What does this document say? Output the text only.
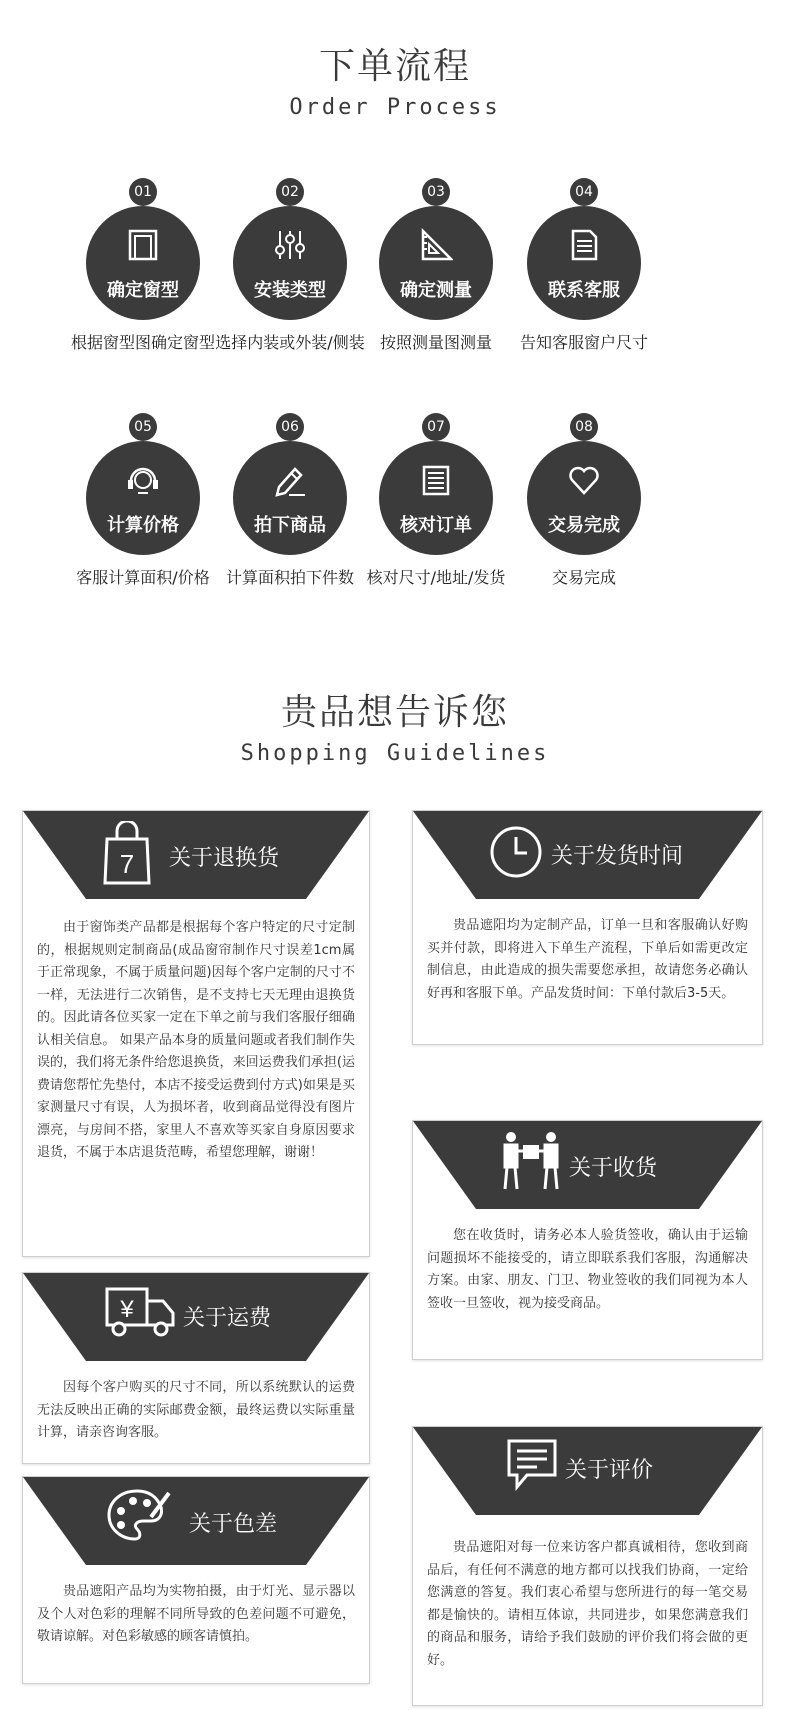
下单流程
Order Process
01
确定窗型
根据窗型图确定窗型
02
安装类型
选择内装或外装/侧装
03
确定测量
按照测量图测量
04
联系客服
告知客服窗户尺寸
05
计算价格
客服计算面积/价格
06
拍下商品
计算面积拍下件数
07
核对订单
核对尺寸/地址/发货
08
交易完成
交易完成
贵品想告诉您
Shopping Guidelines
7 关于退换货
由于窗饰类产品都是根据每个客户特定的尺寸定制的，根据规则定制商品(成品窗帘制作尺寸误差1cm属于正常现象，不属于质量问题)因每个客户定制的尺寸不一样，无法进行二次销售，是不支持七天无理由退换货的。因此请各位买家一定在下单之前与我们客服仔细确认相关信息。 如果产品本身的质量问题或者我们制作失误的，我们将无条件给您退换货，来回运费我们承担(运费请您帮忙先垫付，本店不接受运费到付方式)如果是买家测量尺寸有误，人为损坏者，收到商品觉得没有图片漂亮，与房间不搭，家里人不喜欢等买家自身原因要求退货，不属于本店退货范畴，希望您理解，谢谢！
关于发货时间
贵品遮阳均为定制产品，订单一旦和客服确认好购买并付款，即将进入下单生产流程，下单后如需更改定制信息，由此造成的损失需要您承担，故请您务必确认好再和客服下单。产品发货时间：下单付款后3-5天。
¥ 关于运费
因每个客户购买的尺寸不同，所以系统默认的运费无法反映出正确的实际邮费金额，最终运费以实际重量计算，请亲咨询客服。
关于收货
您在收货时，请务必本人验货签收，确认由于运输问题损坏不能接受的，请立即联系我们客服，沟通解决方案。由家、朋友、门卫、物业签收的我们同视为本人签收一旦签收，视为接受商品。
关于色差
贵品遮阳产品均为实物拍摄，由于灯光、显示器以及个人对色彩的理解不同所导致的色差问题不可避免，敬请谅解。对色彩敏感的顾客请慎拍。
关于评价
贵品遮阳对每一位来访客户都真诚相待，您收到商品后，有任何不满意的地方都可以找我们协商，一定给您满意的答复。我们衷心希望与您所进行的每一笔交易都是愉快的。请相互体谅，共同进步，如果您满意我们的商品和服务，请给予我们鼓励的评价我们将会做的更好。
